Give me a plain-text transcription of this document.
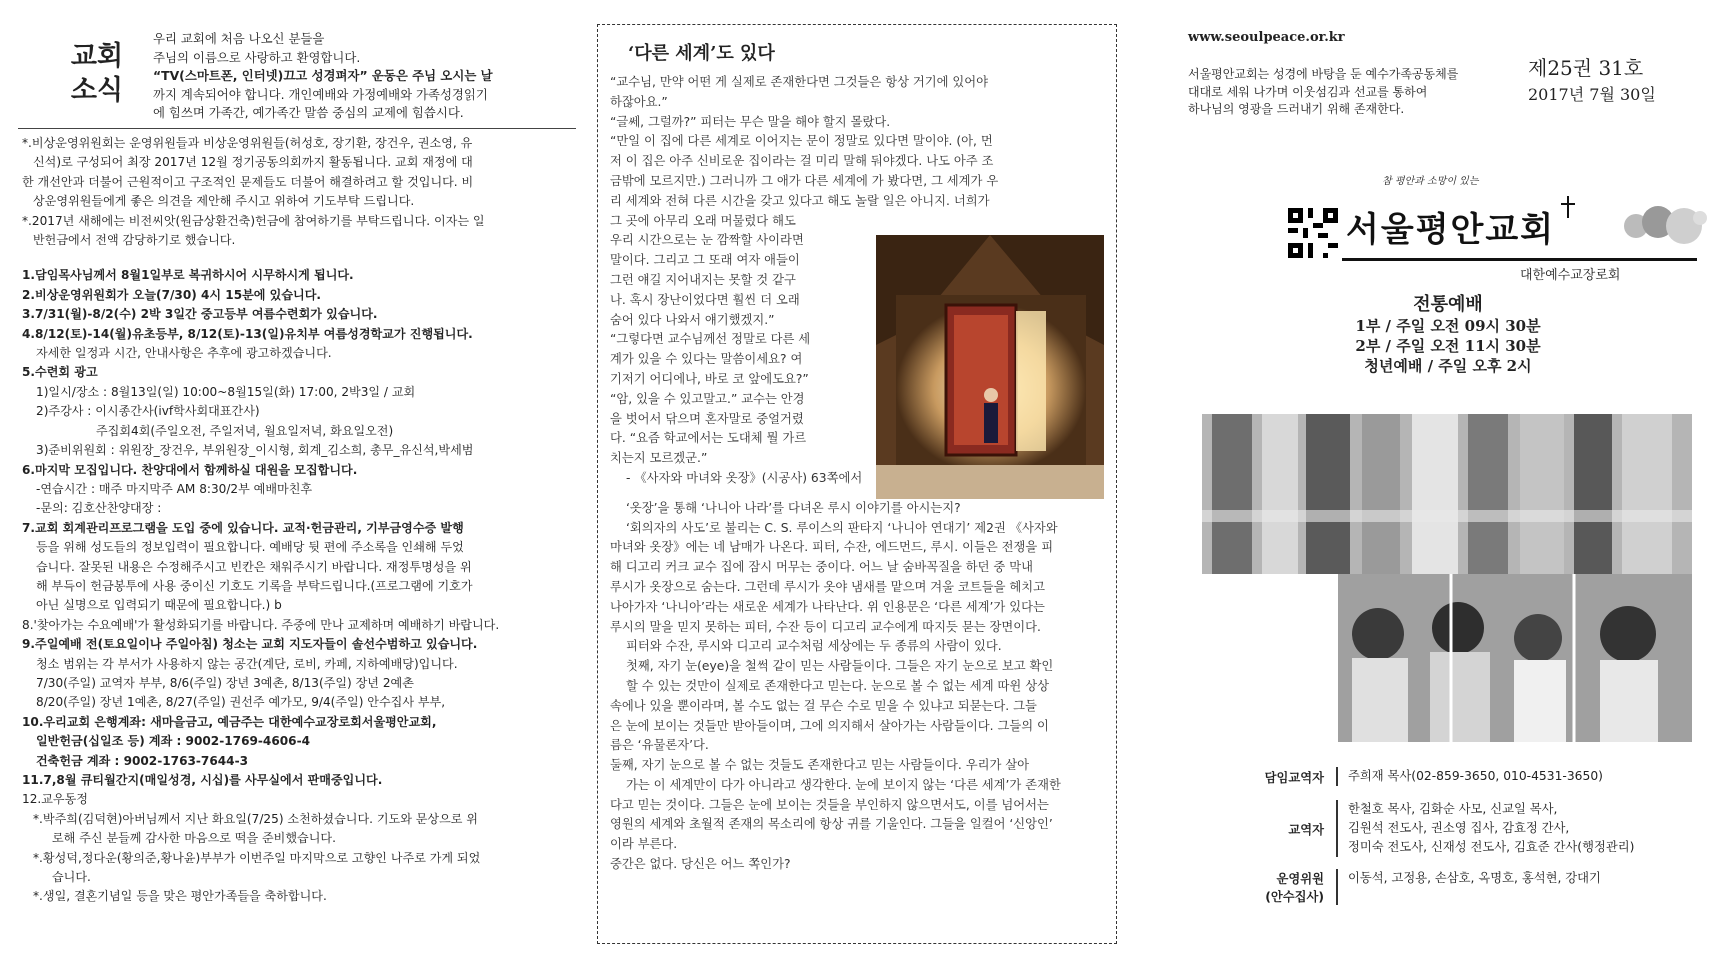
교회
소식

우리 교회에 처음 나오신 분들을

주님의 이름으로 사랑하고 환영합니다.

“TV(스마트폰, 인터넷)끄고 성경펴자” 운동은 주님 오시는 날

까지 계속되어야 합니다. 개인예배와 가정예배와 가족성경읽기

에 힘쓰며 가족간, 예가족간 말씀 중심의 교제에 힘씁시다.

*.비상운영위원회는 운영위원들과 비상운영위원들(허성호, 장기환, 장건우, 권소영, 유
신석)로 구성되어 최장 2017년 12월 정기공동의회까지 활동됩니다. 교회 재정에 대
한 개선안과 더불어 근원적이고 구조적인 문제들도 더불어 해결하려고 할 것입니다. 비
상운영위원들에게 좋은 의견을 제안해 주시고 위하여 기도부탁 드립니다.
*.2017년 새해에는 비전씨앗(원금상환건축)헌금에 참여하기를 부탁드립니다. 이자는 일
반헌금에서 전액 감당하기로 했습니다.
1.담임목사님께서 8월1일부로 복귀하시어 시무하시게 됩니다.
2.비상운영위원회가 오늘(7/30) 4시 15분에 있습니다.
3.7/31(월)-8/2(수) 2박 3일간 중고등부 여름수련회가 있습니다.
4.8/12(토)-14(월)유초등부, 8/12(토)-13(일)유치부 여름성경학교가 진행됩니다.
자세한 일정과 시간, 안내사항은 추후에 광고하겠습니다.
5.수련회 광고
1)일시/장소 : 8월13일(일) 10:00~8월15일(화) 17:00, 2박3일 / 교회
2)주강사 : 이시종간사(ivf학사회대표간사)
주집회4회(주일오전, 주일저녁, 월요일저녁, 화요일오전)
3)준비위원회 : 위원장_장건우, 부위원장_이시형, 회계_김소희, 총무_유신석,박세범
6.마지막 모집입니다. 찬양대에서 함께하실 대원을 모집합니다.
-연습시간 : 매주 마지막주 AM 8:30/2부 예배마친후
-문의: 김호산찬양대장 :
7.교회 회계관리프로그램을 도입 중에 있습니다. 교적·헌금관리, 기부금영수증 발행
등을 위해 성도들의 정보입력이 필요합니다. 예배당 뒷 편에 주소록을 인쇄해 두었
습니다. 잘못된 내용은 수정해주시고 빈칸은 채워주시기 바랍니다. 재정투명성을 위
해 부득이 헌금봉투에 사용 중이신 기호도 기록을 부탁드립니다.(프로그램에 기호가
아닌 실명으로 입력되기 때문에 필요합니다.) b
8.'찾아가는 수요예배'가 활성화되기를 바랍니다. 주중에 만나 교제하며 예배하기 바랍니다.
9.주일예배 전(토요일이나 주일아침) 청소는 교회 지도자들이 솔선수범하고 있습니다.
청소 범위는 각 부서가 사용하지 않는 공간(계단, 로비, 카페, 지하예배당)입니다.
7/30(주일) 교역자 부부, 8/6(주일) 장년 3예촌, 8/13(주일) 장년 2예촌
8/20(주일) 장년 1예촌, 8/27(주일) 권선주 예가모, 9/4(주일) 안수집사 부부,
10.우리교회 은행계좌: 새마을금고, 예금주는 대한예수교장로회서울평안교회,
일반헌금(십일조 등) 계좌 : 9002-1769-4606-4
건축헌금 계좌 : 9002-1763-7644-3
11.7,8월 큐티월간지(매일성경, 시십)를 사무실에서 판매중입니다.
12.교우동정
*.박주희(김덕현)아버님께서 지난 화요일(7/25) 소천하셨습니다. 기도와 문상으로 위
로해 주신 분들께 감사한 마음으로 떡을 준비했습니다.
*.황성덕,정다운(황의준,황나윤)부부가 이번주일 마지막으로 고향인 나주로 가게 되었
습니다.
*.생일, 결혼기념일 등을 맞은 평안가족들을 축하합니다.
‘다른 세계’도 있다
“교수님, 만약 어떤 게 실제로 존재한다면 그것들은 항상 거기에 있어야
하잖아요.”
“글쎄, 그럴까?” 피터는 무슨 말을 해야 할지 몰랐다.
“만일 이 집에 다른 세계로 이어지는 문이 정말로 있다면 말이야. (아, 먼
저 이 집은 아주 신비로운 집이라는 걸 미리 말해 둬야겠다. 나도 아주 조
금밖에 모르지만.) 그러니까 그 애가 다른 세계에 가 봤다면, 그 세계가 우
리 세계와 전혀 다른 시간을 갖고 있다고 해도 놀랄 일은 아니지. 너희가
그 곳에 아무리 오래 머물렀다 해도
우리 시간으로는 눈 깜짝할 사이라면
말이다. 그리고 그 또래 여자 애들이
그런 얘길 지어내지는 못할 것 같구
나. 혹시 장난이었다면 훨씬 더 오래
숨어 있다 나와서 얘기했겠지.”
“그렇다면 교수님께선 정말로 다른 세
계가 있을 수 있다는 말씀이세요? 여
기저기 어디에나, 바로 코 앞에도요?”
“암, 있을 수 있고말고.” 교수는 안경
을 벗어서 닦으며 혼자말로 중얼거렸
다. “요즘 학교에서는 도대체 뭘 가르
치는지 모르겠군.”
- 《사자와 마녀와 옷장》(시공사) 63쪽에서
‘옷장’을 통해 ‘나니아 나라’를 다녀온 루시 이야기를 아시는지?
‘회의자의 사도’로 불리는 C. S. 루이스의 판타지 ‘나니아 연대기’ 제2권 《사자와
마녀와 옷장》에는 네 남매가 나온다. 피터, 수잔, 에드먼드, 루시. 이들은 전쟁을 피
해 디고리 커크 교수 집에 잠시 머무는 중이다. 어느 날 숨바꼭질을 하던 중 막내
루시가 옷장으로 숨는다. 그런데 루시가 옷야 냄새를 맡으며 겨울 코트들을 헤치고
나아가자 ‘나니아’라는 새로운 세계가 나타난다. 위 인용문은 ‘다른 세계’가 있다는
루시의 말을 믿지 못하는 피터, 수잔 등이 디고리 교수에게 따지듯 묻는 장면이다.
피터와 수잔, 루시와 디고리 교수처럼 세상에는 두 종류의 사람이 있다.
첫째, 자기 눈(eye)을 철썩 같이 믿는 사람들이다. 그들은 자기 눈으로 보고 확인
할 수 있는 것만이 실제로 존재한다고 믿는다. 눈으로 볼 수 없는 세계 따윈 상상
속에나 있을 뿐이라며, 볼 수도 없는 걸 무슨 수로 믿을 수 있냐고 되묻는다. 그들
은 눈에 보이는 것들만 받아들이며, 그에 의지해서 살아가는 사람들이다. 그들의 이
름은 ‘유물론자’다.
둘째, 자기 눈으로 볼 수 없는 것들도 존재한다고 믿는 사람들이다. 우리가 살아
가는 이 세계만이 다가 아니라고 생각한다. 눈에 보이지 않는 ‘다른 세계’가 존재한
다고 믿는 것이다. 그들은 눈에 보이는 것들을 부인하지 않으면서도, 이를 넘어서는
영원의 세계와 초월적 존재의 목소리에 항상 귀를 기울인다. 그들을 일컬어 ‘신앙인’
이라 부른다.
중간은 없다. 당신은 어느 쪽인가?
www.seoulpeace.or.kr
서울평안교회는 성경에 바탕을 둔 예수가족공동체를
대대로 세워 나가며 이웃섬김과 선교를 통하여
하나님의 영광을 드러내기 위해 존재한다.
제25권 31호
2017년 7월 30일
참 평안과 소망이 있는
서울평안교회
대한예수교장로회
전통예배
1부 / 주일 오전 09시 30분
2부 / 주일 오전 11시 30분
청년예배 / 주일 오후 2시
담임교역자 주희재 목사(02-859-3650, 010-4531-3650)
교역자
한철호 목사, 김화순 사모, 신교일 목사,
김원석 전도사, 권소영 집사, 감효정 간사,
정미숙 전도사, 신재성 전도사, 김효준 간사(행정관리)
운영위원
(안수집사)
이동석, 고정용, 손삼호, 옥명호, 홍석현, 강대기
